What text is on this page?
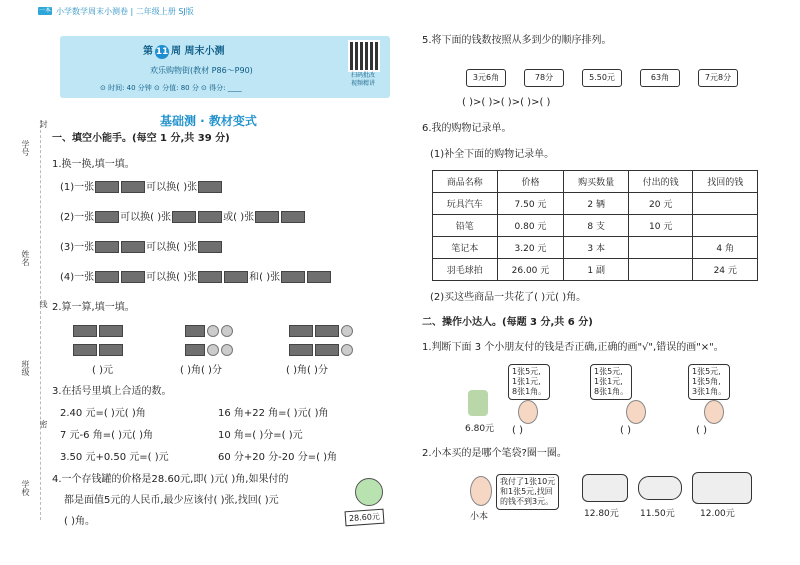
一本 小学数学周末小测卷 | 二年级上册 SJ版
学号
姓名
班级
学校
封
线
密
第 11 周 周末小测
欢乐购物街(教材 P86～P90)
⊙ 时间: 40 分钟 ⊙ 分值: 80 分 ⊙ 得分: ____
扫码批改
视频精讲
基础测 · 教材变式
一、填空小能手。(每空 1 分,共 39 分)
1.换一换,填一填。
(1)一张	可以换( )张
(2)一张	可以换( )张	或( )张
(3)一张	可以换( )张
(4)一张	可以换( )张	和( )张
2.算一算,填一填。

( )元	( )角( )分	( )角( )分
3.在括号里填上合适的数。
2.40 元=( )元( )角	16 角+22 角=( )元( )角
7 元-6 角=( )元( )角	10 角=( )分=( )元
3.50 元+0.50 元=( )元	60 分+20 分-20 分=( )角
4.一个存钱罐的价格是28.60元,即( )元( )角,如果付的
都是面值5元的人民币,最少应该付( )张,找回( )元
( )角。	28.60元
5.将下面的钱数按照从多到少的顺序排列。
3元6角	78分	5.50元	63角	7元8分
( )>( )>( )>( )>( )
6.我的购物记录单。
(1)补全下面的购物记录单。
商品名称	价格	购买数量	付出的钱	找回的钱
玩具汽车	7.50 元	2 辆	20 元	
铅笔	0.80 元	8 支	10 元	
笔记本	3.20 元	3 本		4 角
羽毛球拍	26.00 元	1 副		24 元
(2)买这些商品一共花了( )元( )角。
二、操作小达人。(每题 3 分,共 6 分)
1.判断下面 3 个小朋友付的钱是否正确,正确的画"√",错误的画"×"。
6.80元
1张5元,
1张1元,
8张1角。
1张5元,
1张1元,
8张1角。
1张5元,
1张5角,
3张1角。
( )	( )	( )
2.小本买的是哪个笔袋?圈一圈。
小本
我付了1张10元
和1张5元,找回
的钱不到3元。
12.80元 11.50元	12.00元
